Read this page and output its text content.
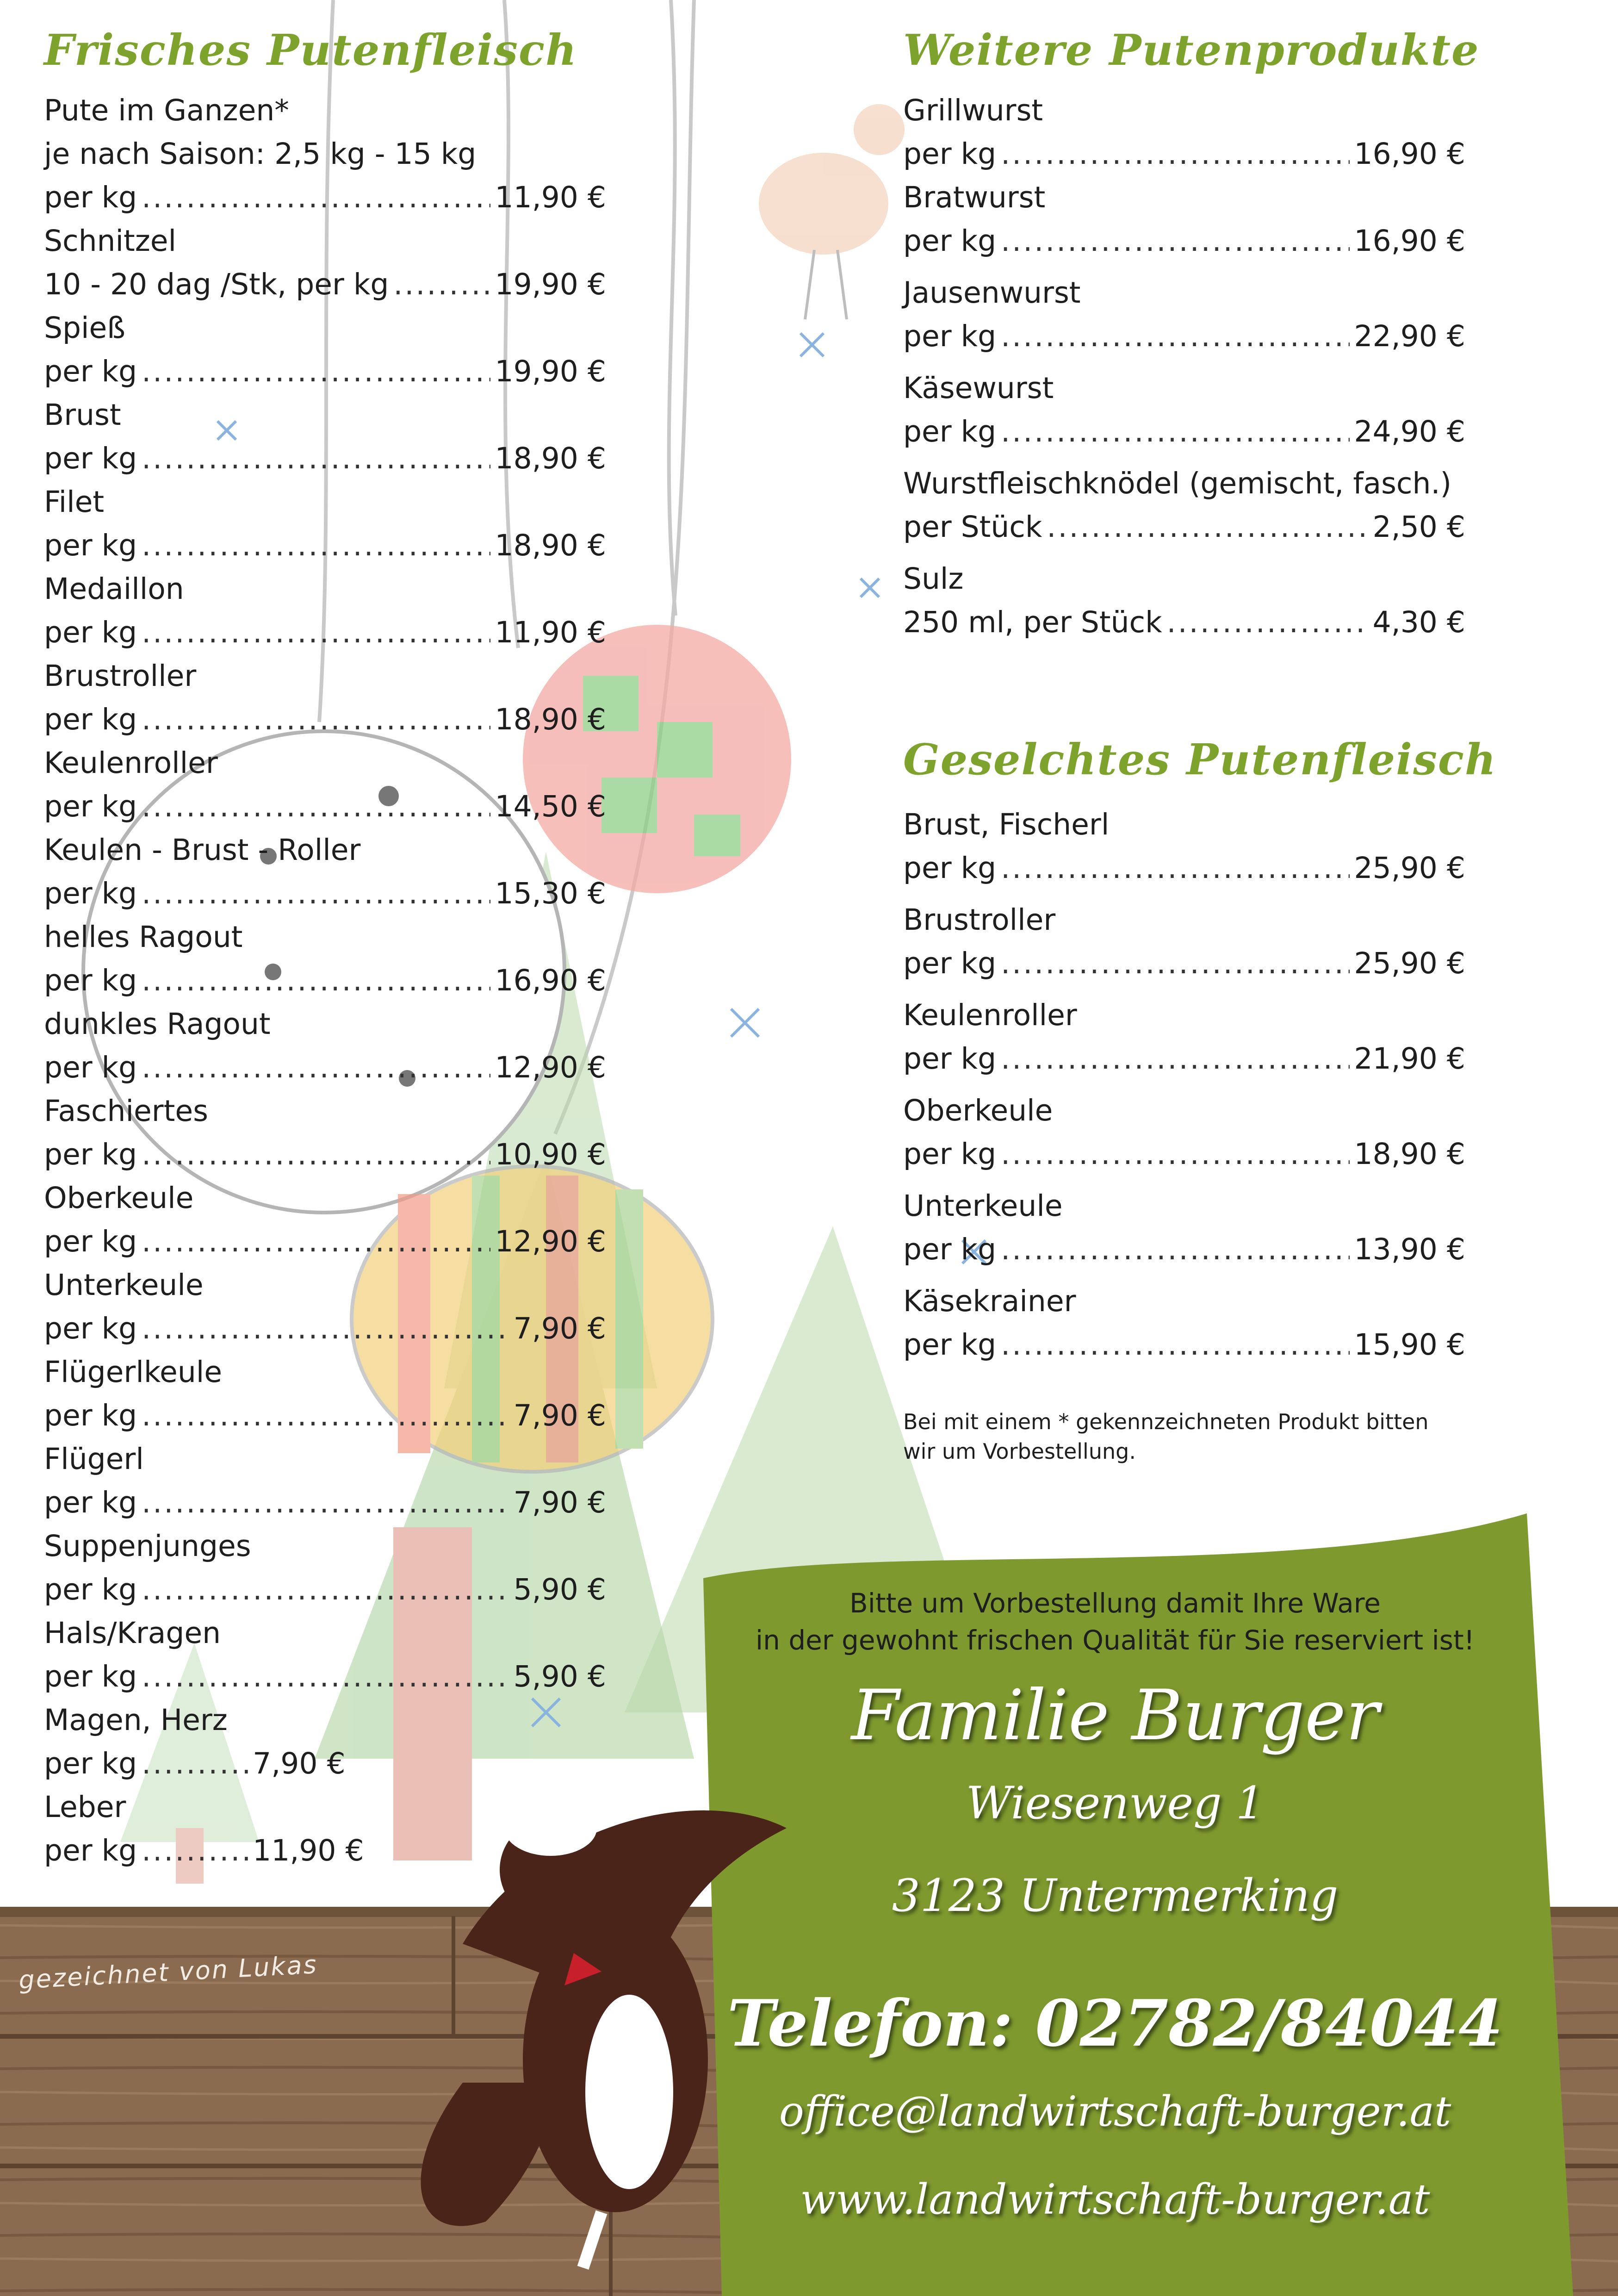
Frisches Putenfleisch
Pute im Ganzen*
je nach Saison: 2,5 kg - 15 kg
per kg .....	11,90 €
Schnitzel
10 - 20 dag /Stk, per kg .....	19,90 €
Spieß
per kg .....	19,90 €
Brust
per kg .....	18,90 €
Filet
per kg .....	18,90 €
Medaillon
per kg .....	11,90 €
Brustroller
per kg .....	18,90 €
Keulenroller
per kg .....	14,50 €
Keulen - Brust - Roller
per kg .....	15,30 €
helles Ragout
per kg .....	16,90 €
dunkles Ragout
per kg .....	12,90 €
Faschiertes
per kg .....	10,90 €
Oberkeule
per kg .....	12,90 €
Unterkeule
per kg .....	7,90 €
Flügerlkeule
per kg .....	7,90 €
Flügerl
per kg .....	7,90 €
Suppenjunges
per kg .....	5,90 €
Hals/Kragen
per kg .....	5,90 €
Magen, Herz
per kg .....	7,90 €
Leber
per kg .....	11,90 €
Weitere Putenprodukte
Grillwurst
per kg .....	16,90 €
Bratwurst
per kg .....	16,90 €
Jausenwurst
per kg .....	22,90 €
Käsewurst
per kg .....	24,90 €
Wurstfleischknödel (gemischt, fasch.)
per Stück .....	2,50 €
Sulz
250 ml, per Stück .....	4,30 €
Geselchtes Putenfleisch
Brust, Fischerl
per kg .....	25,90 €
Brustroller
per kg .....	25,90 €
Keulenroller
per kg .....	21,90 €
Oberkeule
per kg .....	18,90 €
Unterkeule
per kg .....	13,90 €
Käsekrainer
per kg .....	15,90 €
Bei mit einem * gekennzeichneten Produkt bitten
wir um Vorbestellung.
Bitte um Vorbestellung damit Ihre Ware
in der gewohnt frischen Qualität für Sie reserviert ist!
Familie Burger
Wiesenweg 1
3123 Untermerking
Telefon: 02782/84044
office@landwirtschaft-burger.at
www.landwirtschaft-burger.at
gezeichnet von Lukas
